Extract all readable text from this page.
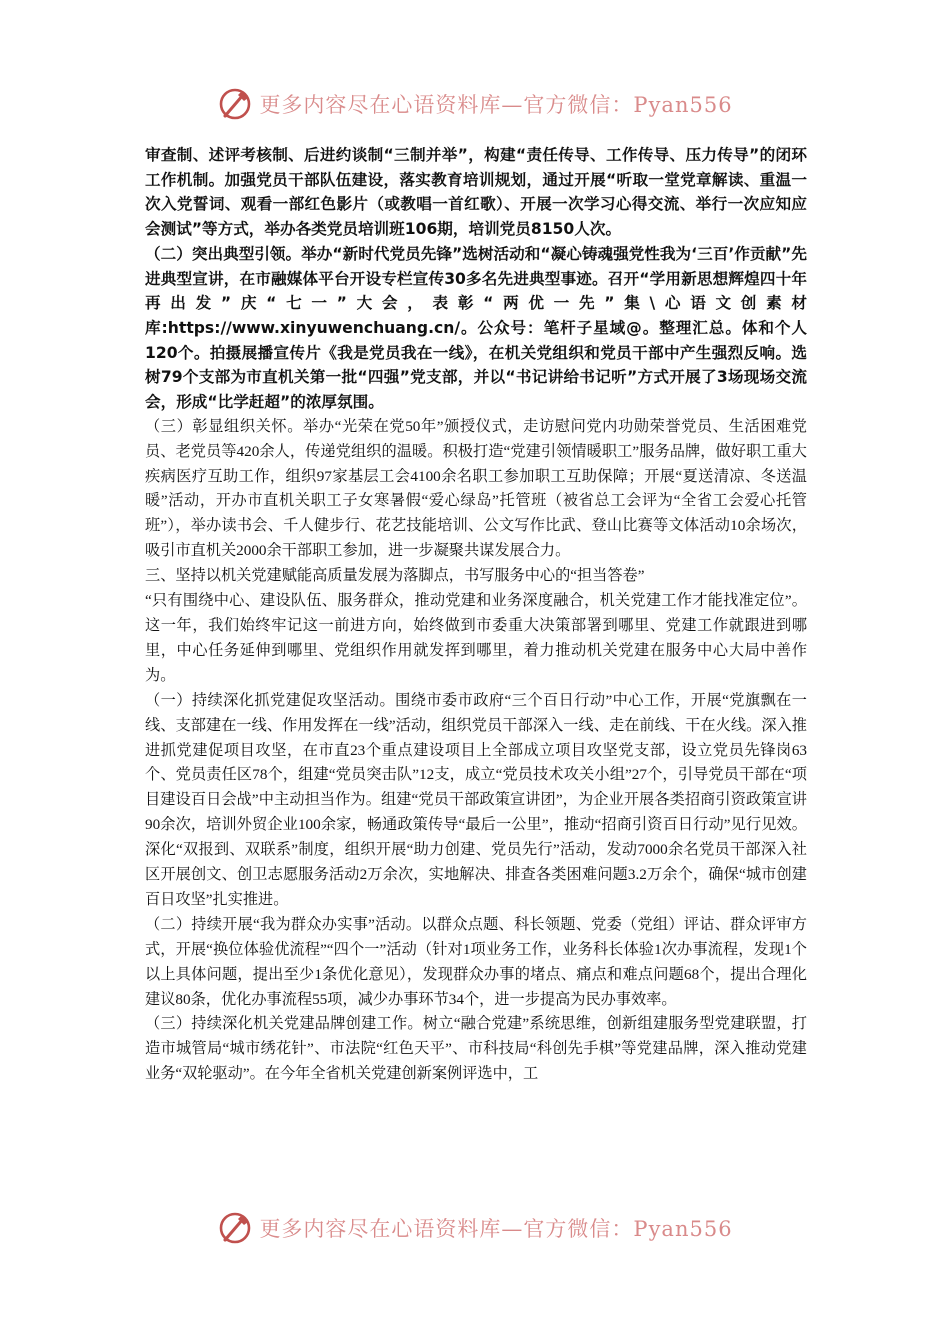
更多内容尽在心语资料库—官方微信：Pyan556

审查制、述评考核制、后进约谈制“三制并举”，构建“责任传导、工作传导、压力传导”的闭环工作机制。加强党员干部队伍建设，落实教育培训规划，通过开展“听取一堂党章解读、重温一次入党誓词、观看一部红色影片（或教唱一首红歌）、开展一次学习心得交流、举行一次应知应会测试”等方式，举办各类党员培训班106期，培训党员8150人次。

（二）突出典型引领。举办“新时代党员先锋”选树活动和“凝心铸魂强党性我为‘三百’作贡献”先进典型宣讲，在市融媒体平台开设专栏宣传30多名先进典型事迹。召开“学用新思想辉煌四十年再出发”庆“七一”大会，表彰“两优一先”集\心语文创素材库:https://www.xinyuwenchuang.cn/。公众号：笔杆子星域@。整理汇总。体和个人120个。拍摄展播宣传片《我是党员我在一线》，在机关党组织和党员干部中产生强烈反响。选树79个支部为市直机关第一批“四强”党支部，并以“书记讲给书记听”方式开展了3场现场交流会，形成“比学赶超”的浓厚氛围。

（三）彰显组织关怀。举办“光荣在党50年”颁授仪式，走访慰问党内功勋荣誉党员、生活困难党员、老党员等420余人，传递党组织的温暖。积极打造“党建引领情暖职工”服务品牌，做好职工重大疾病医疗互助工作，组织97家基层工会4100余名职工参加职工互助保障；开展“夏送清凉、冬送温暖”活动，开办市直机关职工子女寒暑假“爱心绿岛”托管班（被省总工会评为“全省工会爱心托管班”），举办读书会、千人健步行、花艺技能培训、公文写作比武、登山比赛等文体活动10余场次，吸引市直机关2000余干部职工参加，进一步凝聚共谋发展合力。

三、坚持以机关党建赋能高质量发展为落脚点，书写服务中心的“担当答卷”

“只有围绕中心、建设队伍、服务群众，推动党建和业务深度融合，机关党建工作才能找准定位”。这一年，我们始终牢记这一前进方向，始终做到市委重大决策部署到哪里、党建工作就跟进到哪里，中心任务延伸到哪里、党组织作用就发挥到哪里，着力推动机关党建在服务中心大局中善作为。

（一）持续深化抓党建促攻坚活动。围绕市委市政府“三个百日行动”中心工作，开展“党旗飘在一线、支部建在一线、作用发挥在一线”活动，组织党员干部深入一线、走在前线、干在火线。深入推进抓党建促项目攻坚，在市直23个重点建设项目上全部成立项目攻坚党支部，设立党员先锋岗63个、党员责任区78个，组建“党员突击队”12支，成立“党员技术攻关小组”27个，引导党员干部在“项目建设百日会战”中主动担当作为。组建“党员干部政策宣讲团”，为企业开展各类招商引资政策宣讲90余次，培训外贸企业100余家，畅通政策传导“最后一公里”，推动“招商引资百日行动”见行见效。深化“双报到、双联系”制度，组织开展“助力创建、党员先行”活动，发动7000余名党员干部深入社区开展创文、创卫志愿服务活动2万余次，实地解决、排查各类困难问题3.2万余个，确保“城市创建百日攻坚”扎实推进。

（二）持续开展“我为群众办实事”活动。以群众点题、科长领题、党委（党组）评诂、群众评审方式，开展“换位体验优流程”“四个一”活动（针对1项业务工作，业务科长体验1次办事流程，发现1个以上具体问题，提出至少1条优化意见），发现群众办事的堵点、痛点和难点问题68个，提出合理化建议80条，优化办事流程55项，减少办事环节34个，进一步提高为民办事效率。

（三）持续深化机关党建品牌创建工作。树立“融合党建”系统思维，创新组建服务型党建联盟，打造市城管局“城市绣花针”、市法院“红色天平”、市科技局“科创先手棋”等党建品牌，深入推动党建业务“双轮驱动”。在今年全省机关党建创新案例评选中，工

更多内容尽在心语资料库—官方微信：Pyan556
